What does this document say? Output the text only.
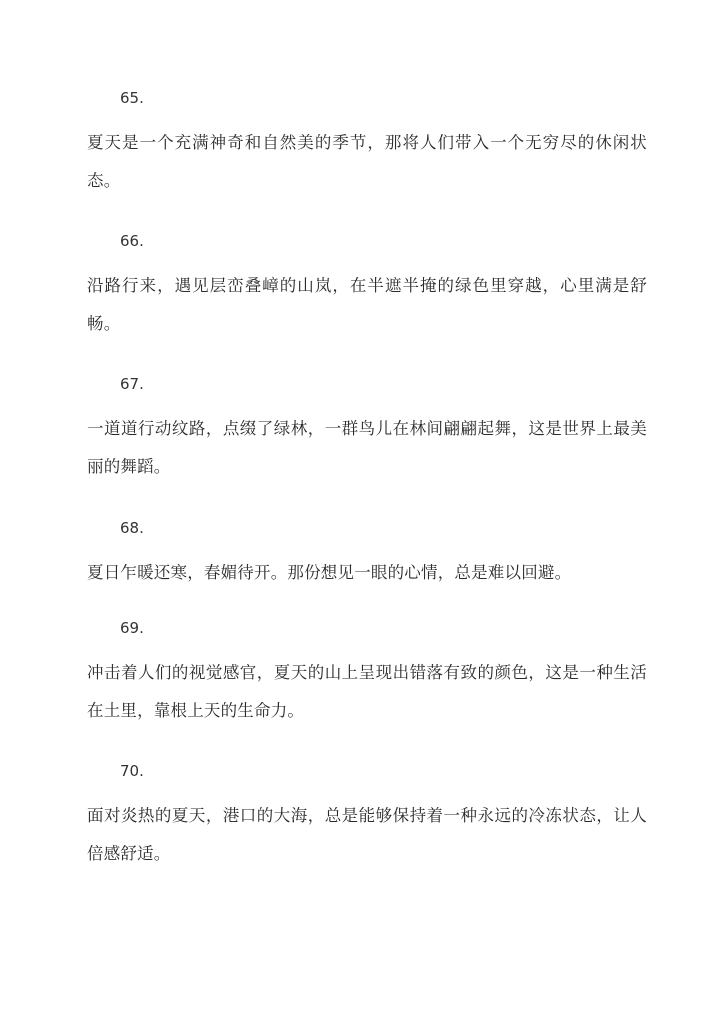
65.
夏天是一个充满神奇和自然美的季节，那将人们带入一个无穷尽的休闲状态。
66.
沿路行来，遇见层峦叠嶂的山岚，在半遮半掩的绿色里穿越，心里满是舒畅。
67.
一道道行动纹路，点缀了绿林，一群鸟儿在林间翩翩起舞，这是世界上最美丽的舞蹈。
68.
夏日乍暖还寒，春媚待开。那份想见一眼的心情，总是难以回避。
69.
冲击着人们的视觉感官，夏天的山上呈现出错落有致的颜色，这是一种生活在土里，靠根上天的生命力。
70.
面对炎热的夏天，港口的大海，总是能够保持着一种永远的冷冻状态，让人倍感舒适。
